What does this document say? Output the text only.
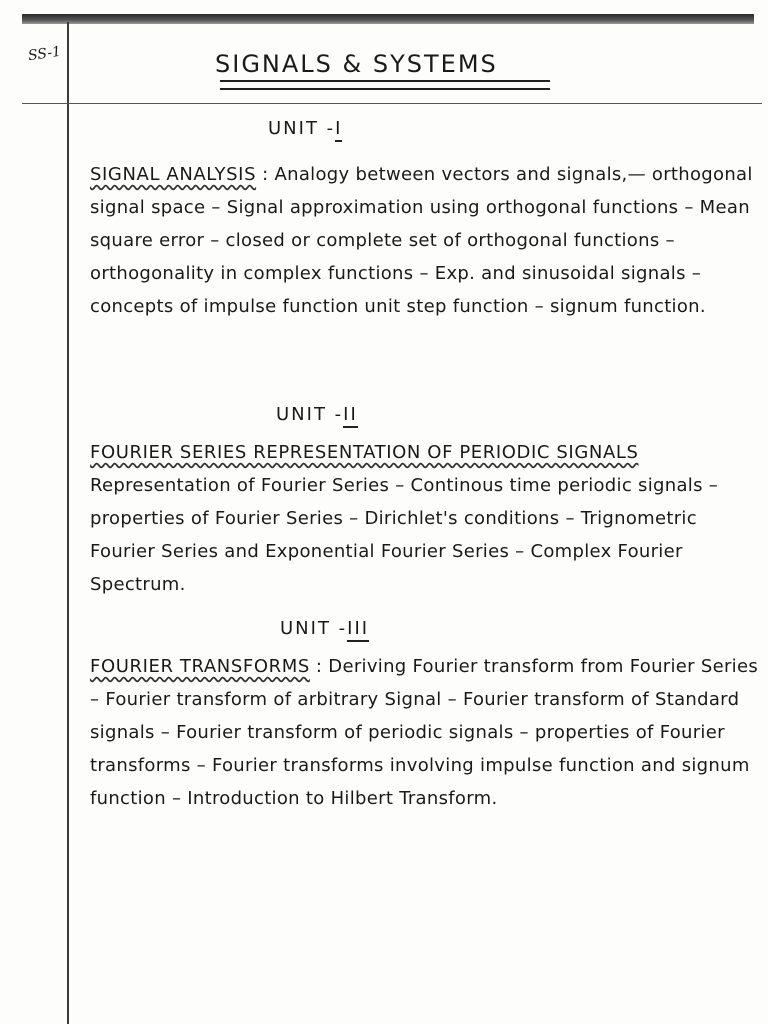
SS-1	SIGNALS & SYSTEMS
UNIT -I
SIGNAL ANALYSIS : Analogy between vectors and signals,— orthogonal signal space – Signal approximation using orthogonal functions – Mean square error – closed or complete set of orthogonal functions – orthogonality in complex functions – Exp. and sinusoidal signals – concepts of impulse function unit step function – signum function.
UNIT -II
FOURIER SERIES REPRESENTATION OF PERIODIC SIGNALS Representation of Fourier Series – Continous time periodic signals – properties of Fourier Series – Dirichlet's conditions – Trignometric Fourier Series and Exponential Fourier Series – Complex Fourier Spectrum.
UNIT -III
FOURIER TRANSFORMS : Deriving Fourier transform from Fourier Series – Fourier transform of arbitrary Signal – Fourier transform of Standard signals – Fourier transform of periodic signals – properties of Fourier transforms – Fourier transforms involving impulse function and signum function – Introduction to Hilbert Transform.
